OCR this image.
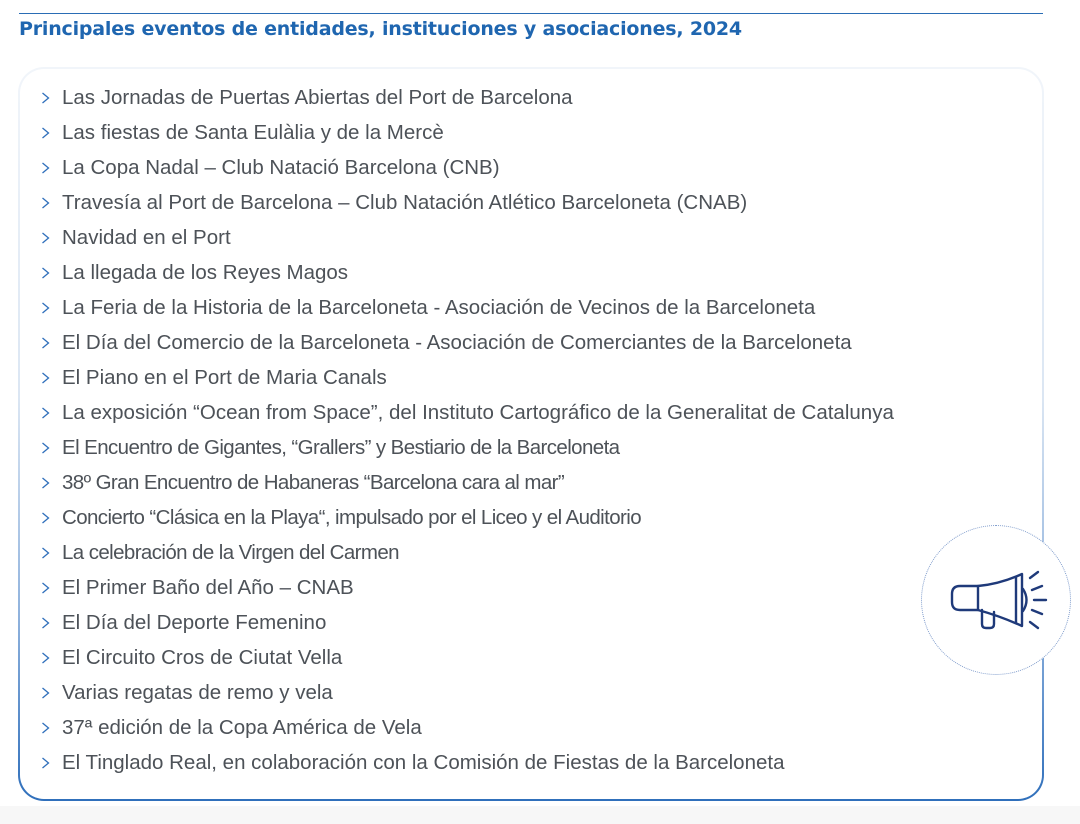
Principales eventos de entidades, instituciones y asociaciones, 2024
Las Jornadas de Puertas Abiertas del Port de Barcelona
Las fiestas de Santa Eulàlia y de la Mercè
La Copa Nadal – Club Natació Barcelona (CNB)
Travesía al Port de Barcelona – Club Natación Atlético Barceloneta (CNAB)
Navidad en el Port
La llegada de los Reyes Magos
La Feria de la Historia de la Barceloneta - Asociación de Vecinos de la Barceloneta
El Día del Comercio de la Barceloneta - Asociación de Comerciantes de la Barceloneta
El Piano en el Port de Maria Canals
La exposición “Ocean from Space”, del Instituto Cartográfico de la Generalitat de Catalunya
El Encuentro de Gigantes, “Grallers” y Bestiario de la Barceloneta
38º Gran Encuentro de Habaneras “Barcelona cara al mar”
Concierto “Clásica en la Playa“, impulsado por el Liceo y el Auditorio
La celebración de la Virgen del Carmen
El Primer Baño del Año – CNAB
El Día del Deporte Femenino
El Circuito Cros de Ciutat Vella
Varias regatas de remo y vela
37ª edición de la Copa América de Vela
El Tinglado Real, en colaboración con la Comisión de Fiestas de la Barceloneta
